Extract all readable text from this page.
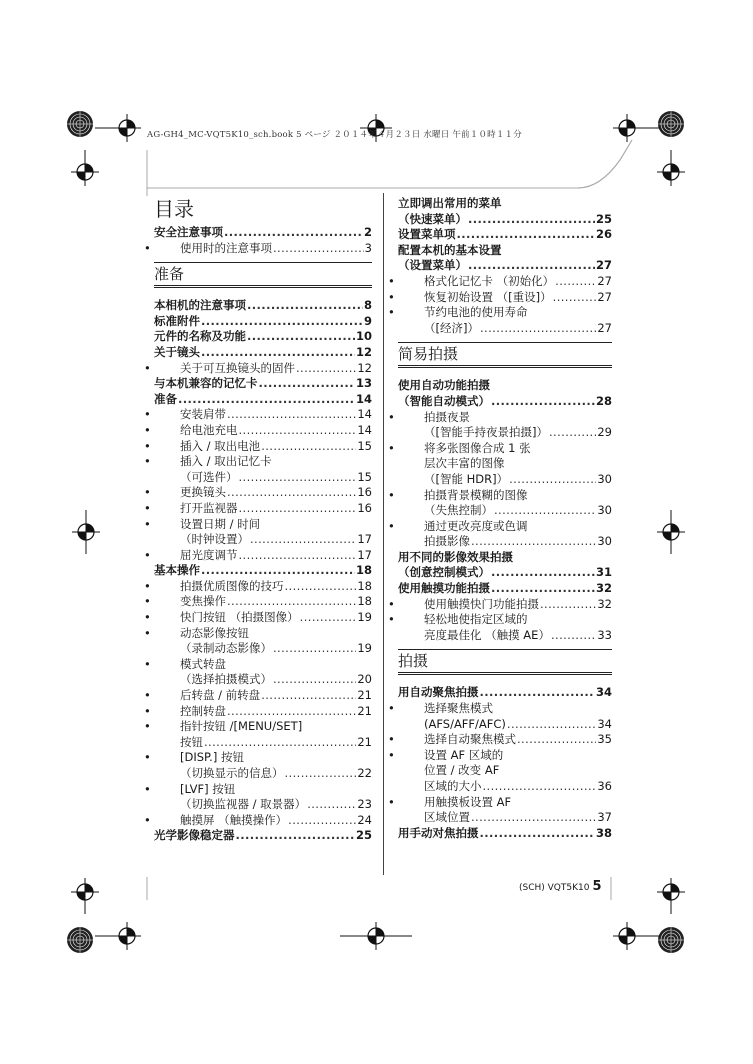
AG-GH4_MC-VQT5K10_sch.book 5 ページ ２０１４年４月２３日 水曜日 午前１０時１１分
目录
安全注意事项 .....	2
• 使用时的注意事项 .....	3
准备
本相机的注意事项 .....	8
标准附件 .....	9
元件的名称及功能 .....	10
关于镜头 .....	12
• 关于可互换镜头的固件 .....	12
与本机兼容的记忆卡 .....	13
准备 .....	14
• 安装肩带 .....	14
• 给电池充电 .....	14
• 插入 / 取出电池 .....	15
• 插入 / 取出记忆卡
（可选件） .....	15
• 更换镜头 .....	16
• 打开监视器 .....	16
• 设置日期 / 时间
（时钟设置） .....	17
• 屈光度调节 .....	17
基本操作 .....	18
• 拍摄优质图像的技巧 .....	18
• 变焦操作 .....	18
• 快门按钮 （拍摄图像） .....	19
• 动态影像按钮
（录制动态影像） .....	19
• 模式转盘
（选择拍摄模式） .....	20
• 后转盘 / 前转盘 .....	21
• 控制转盘 .....	21
• 指针按钮 /[MENU/SET]
按钮 .....	21
• [DISP.] 按钮
（切换显示的信息） .....	22
• [LVF] 按钮
（切换监视器 / 取景器） .....	23
• 触摸屏 （触摸操作） .....	24
光学影像稳定器 .....	25
立即调出常用的菜单
（快速菜单） .....	25
设置菜单项 .....	26
配置本机的基本设置
（设置菜单） .....	27
• 格式化记忆卡 （初始化） .....	27
• 恢复初始设置 （[重设]） .....	27
• 节约电池的使用寿命
（[经济]） .....	27
简易拍摄
使用自动功能拍摄
（智能自动模式） .....	28
• 拍摄夜景
（[智能手持夜景拍摄]） .....	29
• 将多张图像合成 1 张
层次丰富的图像
（[智能 HDR]） .....	30
• 拍摄背景模糊的图像
（失焦控制） .....	30
• 通过更改亮度或色调
拍摄影像 .....	30
用不同的影像效果拍摄
（创意控制模式） .....	31
使用触摸功能拍摄 .....	32
• 使用触摸快门功能拍摄 .....	32
• 轻松地使指定区域的
亮度最佳化 （触摸 AE） .....	33
拍摄
用自动聚焦拍摄 .....	34
• 选择聚焦模式
(AFS/AFF/AFC) .....	34
• 选择自动聚焦模式 .....	35
• 设置 AF 区域的
位置 / 改变 AF
区域的大小 .....	36
• 用触摸板设置 AF
区域位置 .....	37
用手动对焦拍摄 .....	38
(SCH) VQT5K10 5
